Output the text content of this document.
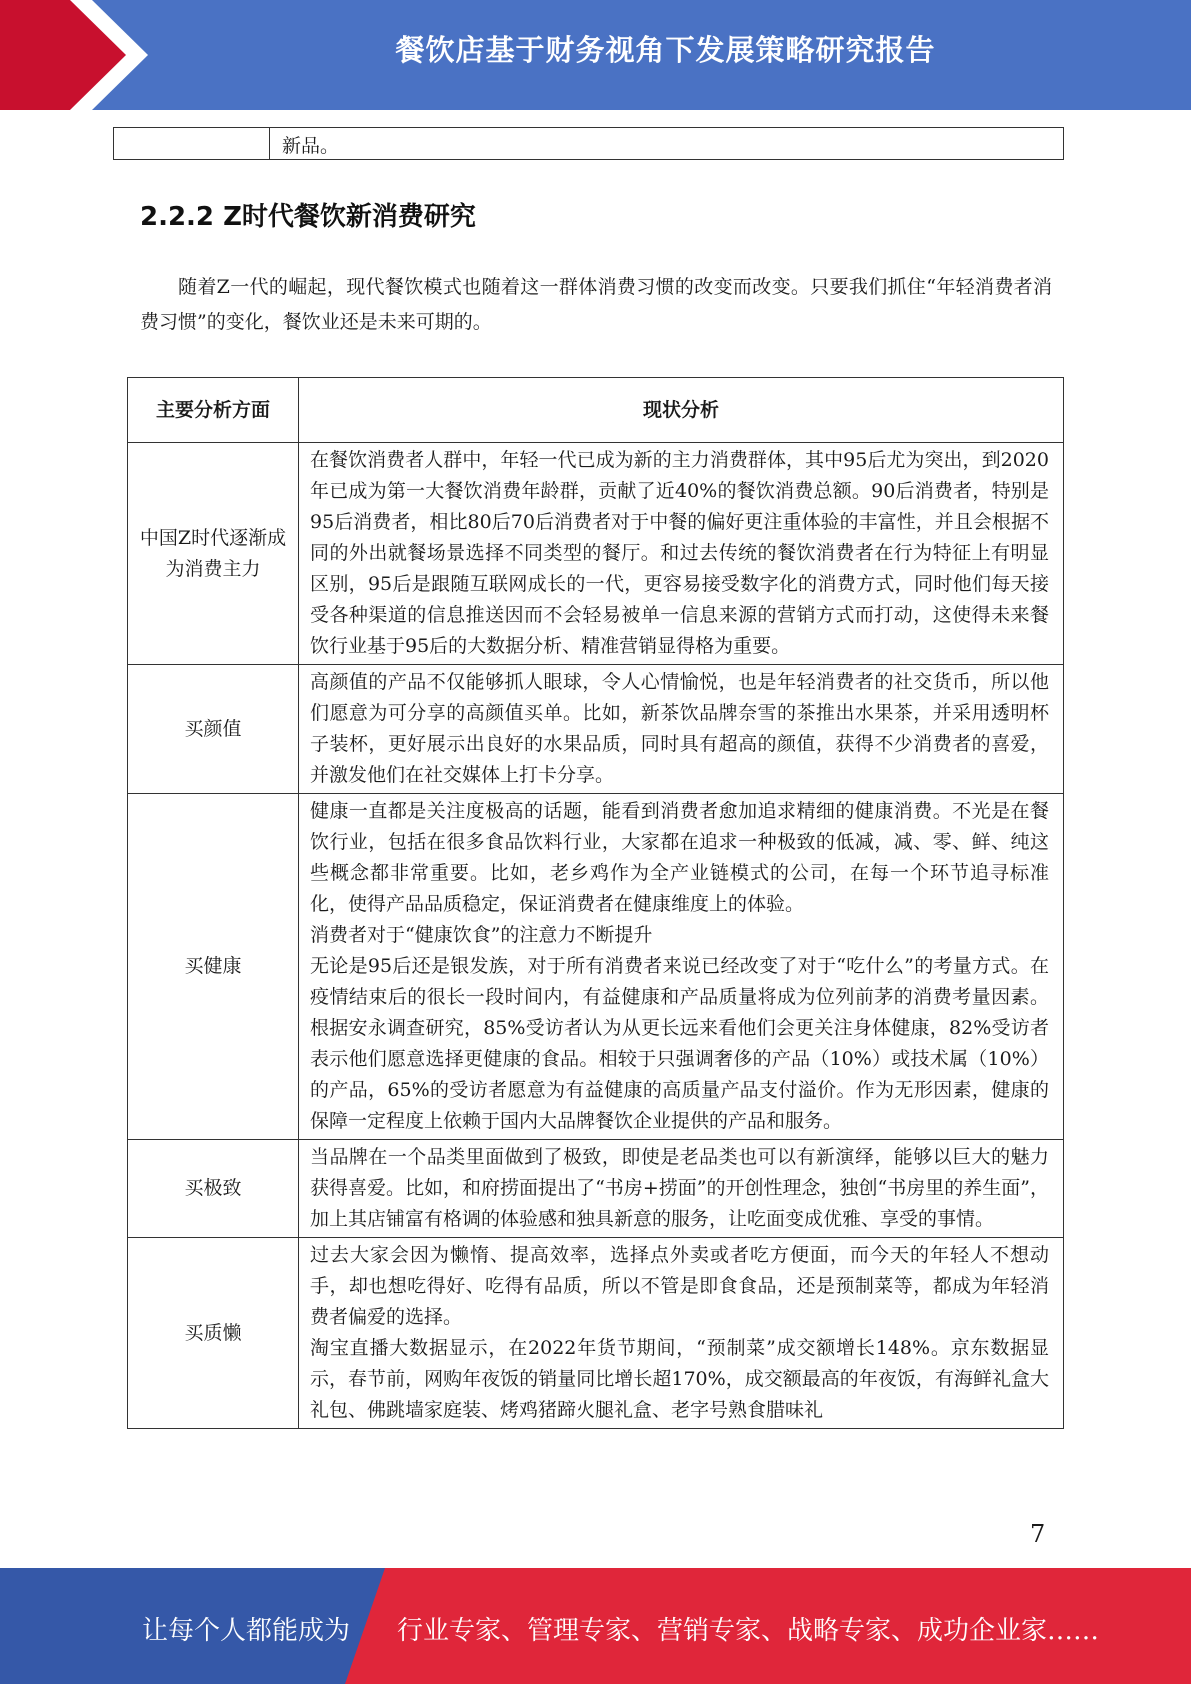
餐饮店基于财务视角下发展策略研究报告
新品。
2.2.2 Z时代餐饮新消费研究
随着Z一代的崛起，现代餐饮模式也随着这一群体消费习惯的改变而改变。只要我们抓住“年轻消费者消费习惯”的变化，餐饮业还是未来可期的。
主要分析方面	现状分析
中国Z时代逐渐成为消费主力	在餐饮消费者人群中，年轻一代已成为新的主力消费群体，其中95后尤为突出，到2020年已成为第一大餐饮消费年龄群，贡献了近40%的餐饮消费总额。90后消费者，特别是95后消费者，相比80后70后消费者对于中餐的偏好更注重体验的丰富性，并且会根据不同的外出就餐场景选择不同类型的餐厅。和过去传统的餐饮消费者在行为特征上有明显区别，95后是跟随互联网成长的一代，更容易接受数字化的消费方式，同时他们每天接受各种渠道的信息推送因而不会轻易被单一信息来源的营销方式而打动，这使得未来餐饮行业基于95后的大数据分析、精准营销显得格为重要。

买颜值	高颜值的产品不仅能够抓人眼球，令人心情愉悦，也是年轻消费者的社交货币，所以他们愿意为可分享的高颜值买单。比如，新茶饮品牌奈雪的茶推出水果茶，并采用透明杯子装杯，更好展示出良好的水果品质，同时具有超高的颜值，获得不少消费者的喜爱，并激发他们在社交媒体上打卡分享。

买健康	健康一直都是关注度极高的话题，能看到消费者愈加追求精细的健康消费。不光是在餐饮行业，包括在很多食品饮料行业，大家都在追求一种极致的低减，减、零、鲜、纯这些概念都非常重要。比如，老乡鸡作为全产业链模式的公司，在每一个环节追寻标准化，使得产品品质稳定，保证消费者在健康维度上的体验。
消费者对于“健康饮食”的注意力不断提升
无论是95后还是银发族，对于所有消费者来说已经改变了对于“吃什么”的考量方式。在疫情结束后的很长一段时间内，有益健康和产品质量将成为位列前茅的消费考量因素。根据安永调查研究，85%受访者认为从更长远来看他们会更关注身体健康，82%受访者表示他们愿意选择更健康的食品。相较于只强调奢侈的产品（10%）或技术属（10%）的产品，65%的受访者愿意为有益健康的高质量产品支付溢价。作为无形因素，健康的保障一定程度上依赖于国内大品牌餐饮企业提供的产品和服务。

买极致	当品牌在一个品类里面做到了极致，即使是老品类也可以有新演绎，能够以巨大的魅力获得喜爱。比如，和府捞面提出了“书房+捞面”的开创性理念，独创“书房里的养生面”，加上其店铺富有格调的体验感和独具新意的服务，让吃面变成优雅、享受的事情。

买质懒	过去大家会因为懒惰、提高效率，选择点外卖或者吃方便面，而今天的年轻人不想动手，却也想吃得好、吃得有品质，所以不管是即食食品，还是预制菜等，都成为年轻消费者偏爱的选择。
淘宝直播大数据显示，在2022年货节期间，“预制菜”成交额增长148%。京东数据显示，春节前，网购年夜饭的销量同比增长超170%，成交额最高的年夜饭，有海鲜礼盒大礼包、佛跳墙家庭装、烤鸡猪蹄火腿礼盒、老字号熟食腊味礼
7
让每个人都能成为 行业专家、管理专家、营销专家、战略专家、成功企业家……
